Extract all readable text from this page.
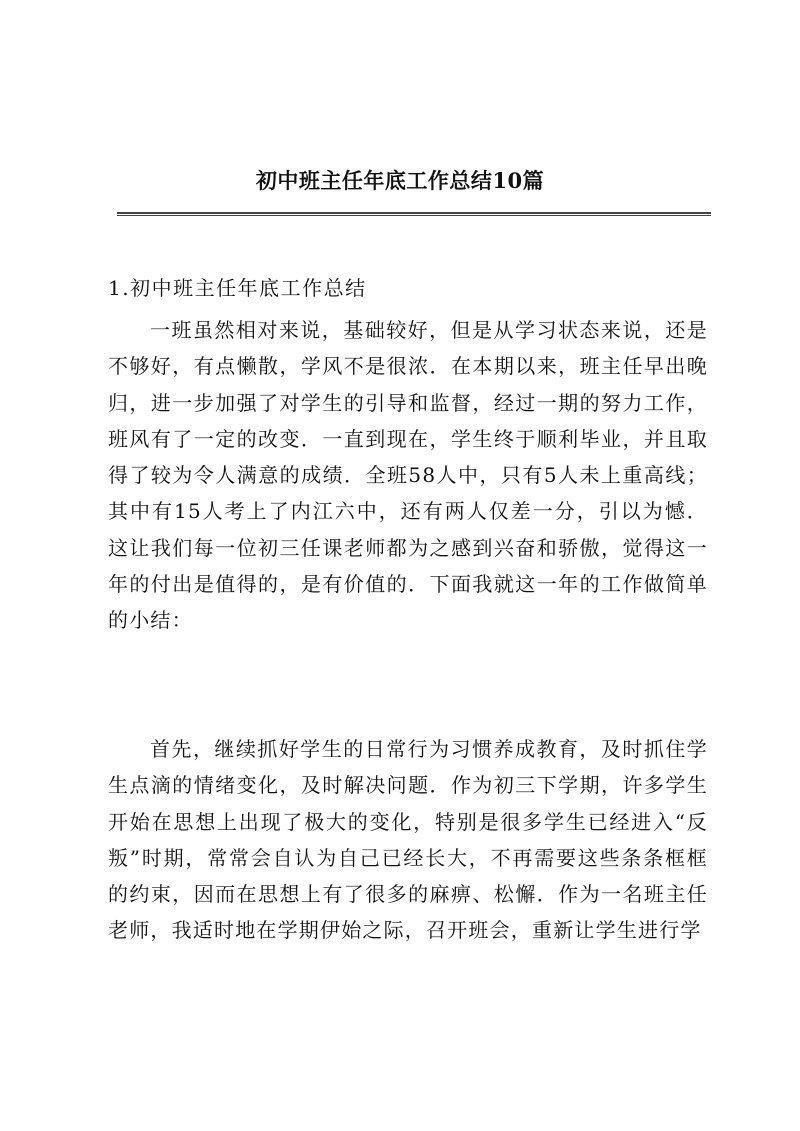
初中班主任年底工作总结10篇
1.初中班主任年底工作总结

一班虽然相对来说，基础较好，但是从学习状态来说，还是不够好，有点懒散，学风不是很浓．在本期以来，班主任早出晚归，进一步加强了对学生的引导和监督，经过一期的努力工作，班风有了一定的改变．一直到现在，学生终于顺利毕业，并且取得了较为令人满意的成绩．全班58人中，只有5人未上重高线；其中有15人考上了内江六中，还有两人仅差一分，引以为憾．这让我们每一位初三任课老师都为之感到兴奋和骄傲，觉得这一年的付出是值得的，是有价值的．下面我就这一年的工作做简单的小结：

首先，继续抓好学生的日常行为习惯养成教育，及时抓住学生点滴的情绪变化，及时解决问题．作为初三下学期，许多学生开始在思想上出现了极大的变化，特别是很多学生已经进入“反叛”时期，常常会自认为自己已经长大，不再需要这些条条框框的约束，因而在思想上有了很多的麻痹、松懈．作为一名班主任老师，我适时地在学期伊始之际，召开班会，重新让学生进行学
